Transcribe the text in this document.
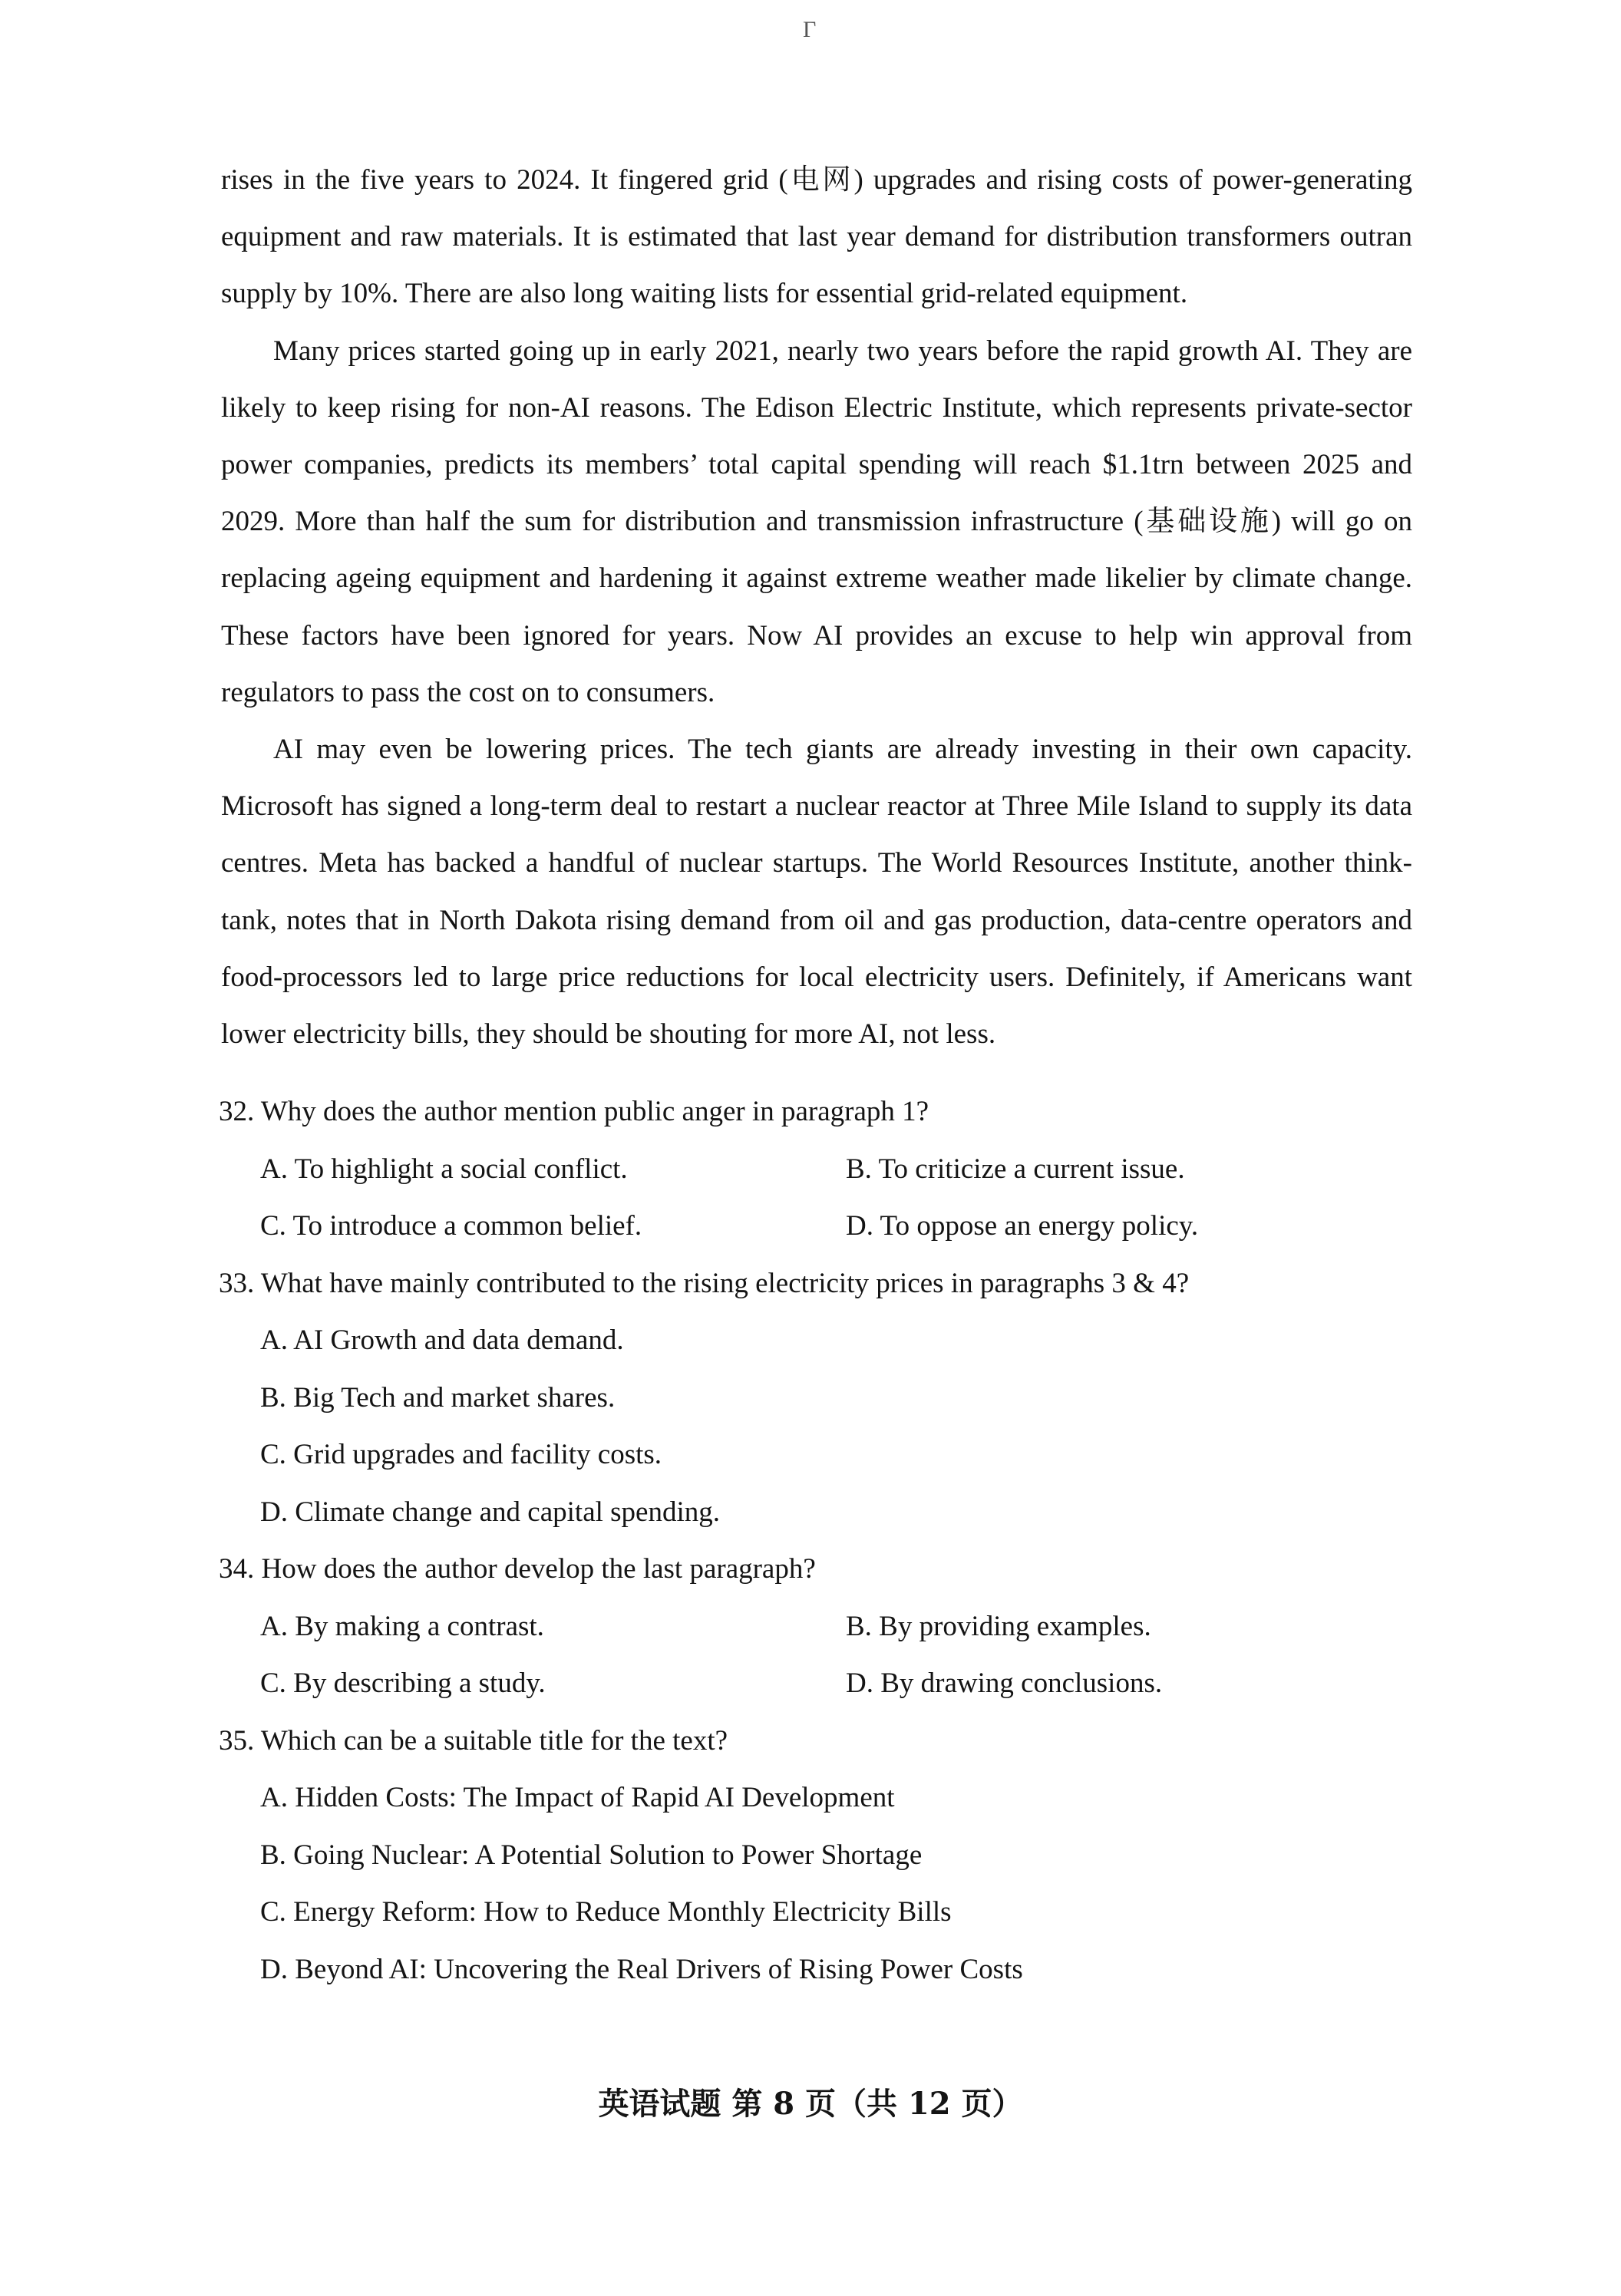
Γ

rises in the five years to 2024. It fingered grid (电网) upgrades and rising costs of power-generating equipment and raw materials. It is estimated that last year demand for distribution transformers outran supply by 10%. There are also long waiting lists for essential grid-related equipment.

Many prices started going up in early 2021, nearly two years before the rapid growth AI. They are likely to keep rising for non-AI reasons. The Edison Electric Institute, which represents private-sector power companies, predicts its members’ total capital spending will reach $1.1trn between 2025 and 2029. More than half the sum for distribution and transmission infrastructure (基础设施) will go on replacing ageing equipment and hardening it against extreme weather made likelier by climate change. These factors have been ignored for years. Now AI provides an excuse to help win approval from regulators to pass the cost on to consumers.

AI may even be lowering prices. The tech giants are already investing in their own capacity. Microsoft has signed a long-term deal to restart a nuclear reactor at Three Mile Island to supply its data centres. Meta has backed a handful of nuclear startups. The World Resources Institute, another think-tank, notes that in North Dakota rising demand from oil and gas production, data-centre operators and food-processors led to large price reductions for local electricity users. Definitely, if Americans want lower electricity bills, they should be shouting for more AI, not less.

32. Why does the author mention public anger in paragraph 1?
A. To highlight a social conflict.	B. To criticize a current issue.
C. To introduce a common belief.	D. To oppose an energy policy.
33. What have mainly contributed to the rising electricity prices in paragraphs 3 & 4?
A. AI Growth and data demand.
B. Big Tech and market shares.
C. Grid upgrades and facility costs.
D. Climate change and capital spending.
34. How does the author develop the last paragraph?
A. By making a contrast.	B. By providing examples.
C. By describing a study.	D. By drawing conclusions.
35. Which can be a suitable title for the text?
A. Hidden Costs: The Impact of Rapid AI Development
B. Going Nuclear: A Potential Solution to Power Shortage
C. Energy Reform: How to Reduce Monthly Electricity Bills
D. Beyond AI: Uncovering the Real Drivers of Rising Power Costs
英语试题 第 8 页（共 12 页）
